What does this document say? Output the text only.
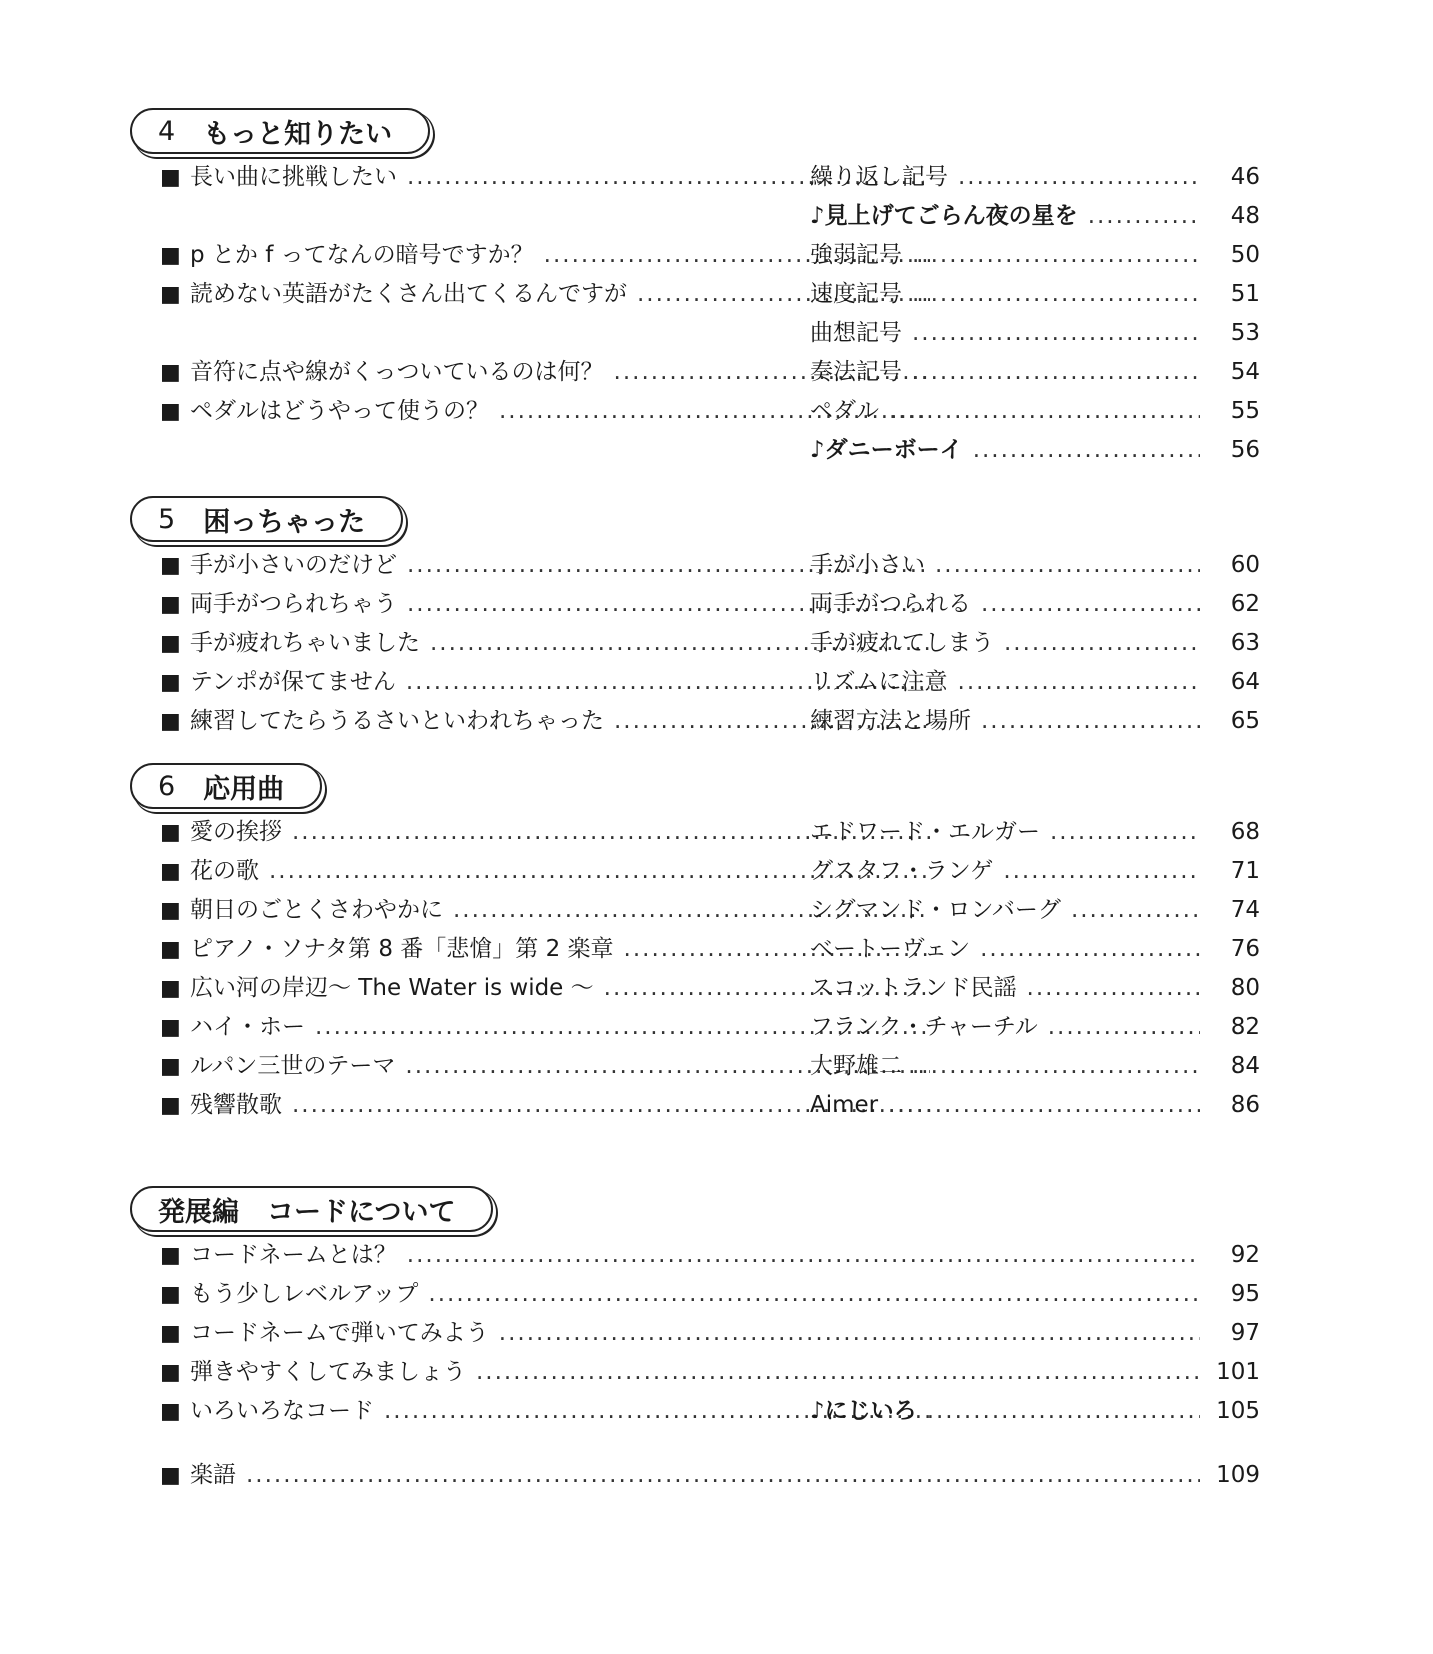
4 もっと知りたい
■ 長い曲に挑戦したい .....	繰り返し記号 .....	46
♪見上げてごらん夜の星を .....	48
■ p とか f ってなんの暗号ですか？ .....	強弱記号 .....	50
■ 読めない英語がたくさん出てくるんですが .....	速度記号 .....	51
曲想記号 .....	53
■ 音符に点や線がくっついているのは何？ .....	奏法記号 .....	54
■ ペダルはどうやって使うの？ .....	ペダル .....	55
♪ダニーボーイ .....	56
5 困っちゃった
■ 手が小さいのだけど .....	手が小さい .....	60
■ 両手がつられちゃう .....	両手がつられる .....	62
■ 手が疲れちゃいました .....	手が疲れてしまう .....	63
■ テンポが保てません .....	リズムに注意 .....	64
■ 練習してたらうるさいといわれちゃった .....	練習方法と場所 .....	65
6 応用曲
■ 愛の挨拶 .....	エドワード・エルガー .....	68
■ 花の歌 .....	グスタフ・ランゲ .....	71
■ 朝日のごとくさわやかに .....	シグマンド・ロンバーグ .....	74
■ ピアノ・ソナタ第 8 番「悲愴」第 2 楽章 .....	ベートーヴェン .....	76
■ 広い河の岸辺〜 The Water is wide 〜 .....	スコットランド民謡 .....	80
■ ハイ・ホー .....	フランク・チャーチル .....	82
■ ルパン三世のテーマ .....	大野雄二 .....	84
■ 残響散歌 .....	Aimer .....	86
発展編 コードについて
■ コードネームとは？ .....	92
■ もう少しレベルアップ .....	95
■ コードネームで弾いてみよう .....	97
■ 弾きやすくしてみましょう .....	101
■ いろいろなコード .....	♪にじいろ .....	105
■ 楽語 .....	109
